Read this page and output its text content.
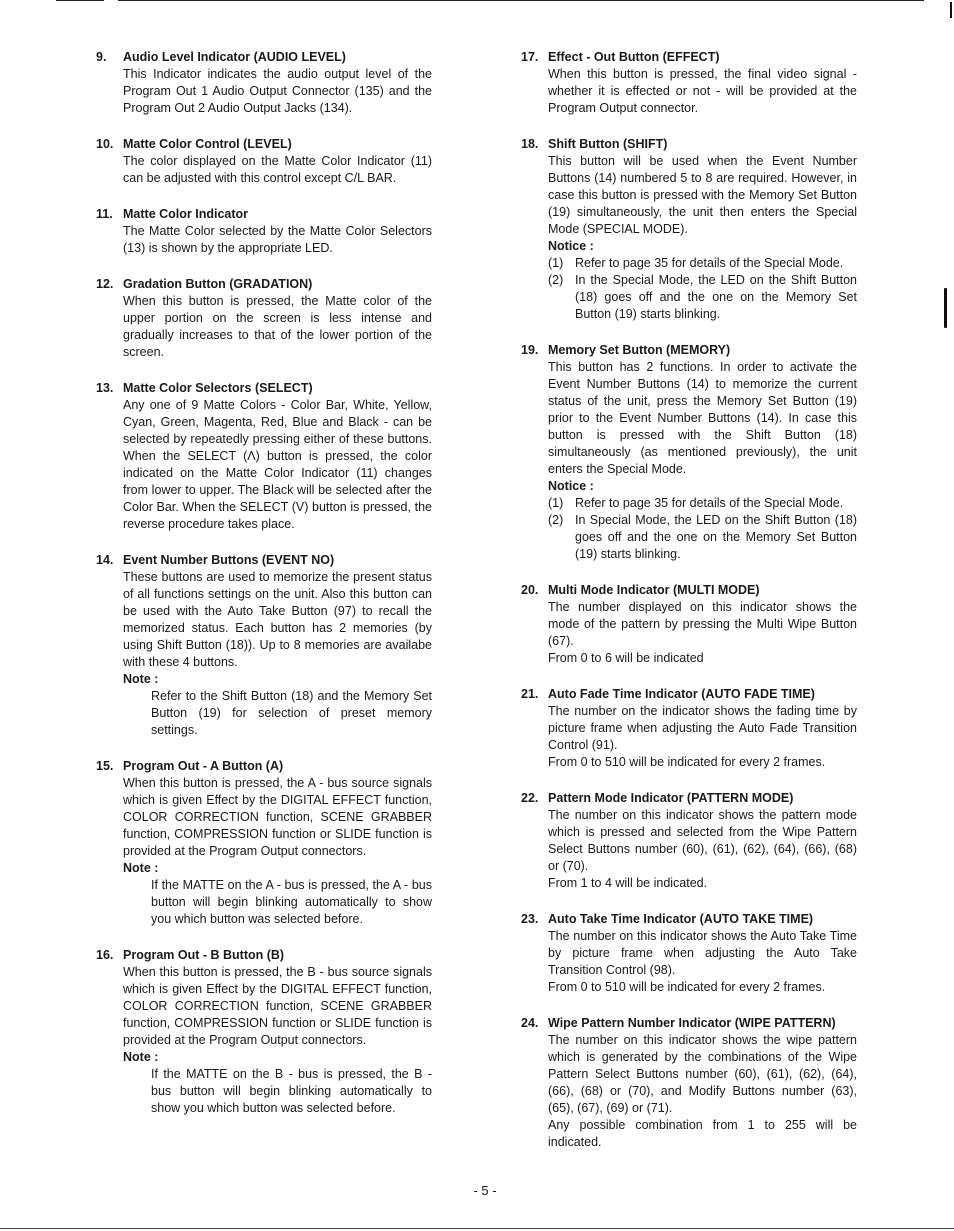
9.	Audio Level Indicator (AUDIO LEVEL)

This Indicator indicates the audio output level of the Program Out 1 Audio Output Connector (135) and the Program Out 2 Audio Output Jacks (134).

10. Matte Color Control (LEVEL)

The color displayed on the Matte Color Indicator (11) can be adjusted with this control except C/L BAR.

11. Matte Color Indicator

The Matte Color selected by the Matte Color Selectors (13) is shown by the appropriate LED.

12. Gradation Button (GRADATION)

When this button is pressed, the Matte color of the upper portion on the screen is less intense and gradually increases to that of the lower portion of the screen.

13. Matte Color Selectors (SELECT)

Any one of 9 Matte Colors - Color Bar, White, Yellow, Cyan, Green, Magenta, Red, Blue and Black - can be selected by repeatedly pressing either of these buttons. When the SELECT (Λ) button is pressed, the color indicated on the Matte Color Indicator (11) changes from lower to upper. The Black will be selected after the Color Bar. When the SELECT (V) button is pressed, the reverse procedure takes place.

14. Event Number Buttons (EVENT NO)

These buttons are used to memorize the present status of all functions settings on the unit. Also this button can be used with the Auto Take Button (97) to recall the memorized status. Each button has 2 memories (by using Shift Button (18)). Up to 8 memories are availabe with these 4 buttons.

Note :

Refer to the Shift Button (18) and the Memory Set Button (19) for selection of preset memory settings.

15. Program Out - A Button (A)

When this button is pressed, the A - bus source signals which is given Effect by the DIGITAL EFFECT function, COLOR CORRECTION function, SCENE GRABBER function, COMPRESSION function or SLIDE function is provided at the Program Output connectors.

Note :

If the MATTE on the A - bus is pressed, the A - bus button will begin blinking automatically to show you which button was selected before.

16. Program Out - B Button (B)

When this button is pressed, the B - bus source signals which is given Effect by the DIGITAL EFFECT function, COLOR CORRECTION function, SCENE GRABBER function, COMPRESSION function or SLIDE function is provided at the Program Output connectors.

Note :

If the MATTE on the B - bus is pressed, the B - bus button will begin blinking automatically to show you which button was selected before.

17. Effect - Out Button (EFFECT)

When this button is pressed, the final video signal - whether it is effected or not - will be provided at the Program Output connector.

18. Shift Button (SHIFT)

This button will be used when the Event Number Buttons (14) numbered 5 to 8 are required. However, in case this button is pressed with the Memory Set Button (19) simultaneously, the unit then enters the Special Mode (SPECIAL MODE).

Notice :
(1) Refer to page 35 for details of the Special Mode.
(2) In the Special Mode, the LED on the Shift Button (18) goes off and the one on the Memory Set Button (19) starts blinking.
19. Memory Set Button (MEMORY)

This button has 2 functions. In order to activate the Event Number Buttons (14) to memorize the current status of the unit, press the Memory Set Button (19) prior to the Event Number Buttons (14). In case this button is pressed with the Shift Button (18) simultaneously (as mentioned previously), the unit enters the Special Mode.

Notice :
(1) Refer to page 35 for details of the Special Mode.
(2) In Special Mode, the LED on the Shift Button (18) goes off and the one on the Memory Set Button (19) starts blinking.
20. Multi Mode Indicator (MULTI MODE)

The number displayed on this indicator shows the mode of the pattern by pressing the Multi Wipe Button (67).

From 0 to 6 will be indicated

21. Auto Fade Time Indicator (AUTO FADE TIME)

The number on the indicator shows the fading time by picture frame when adjusting the Auto Fade Transition Control (91).

From 0 to 510 will be indicated for every 2 frames.

22. Pattern Mode Indicator (PATTERN MODE)

The number on this indicator shows the pattern mode which is pressed and selected from the Wipe Pattern Select Buttons number (60), (61), (62), (64), (66), (68) or (70).

From 1 to 4 will be indicated.

23. Auto Take Time Indicator (AUTO TAKE TIME)

The number on this indicator shows the Auto Take Time by picture frame when adjusting the Auto Take Transition Control (98).

From 0 to 510 will be indicated for every 2 frames.

24. Wipe Pattern Number Indicator (WIPE PATTERN)

The number on this indicator shows the wipe pattern which is generated by the combinations of the Wipe Pattern Select Buttons number (60), (61), (62), (64), (66), (68) or (70), and Modify Buttons number (63), (65), (67), (69) or (71).

Any possible combination from 1 to 255 will be indicated.

- 5 -
